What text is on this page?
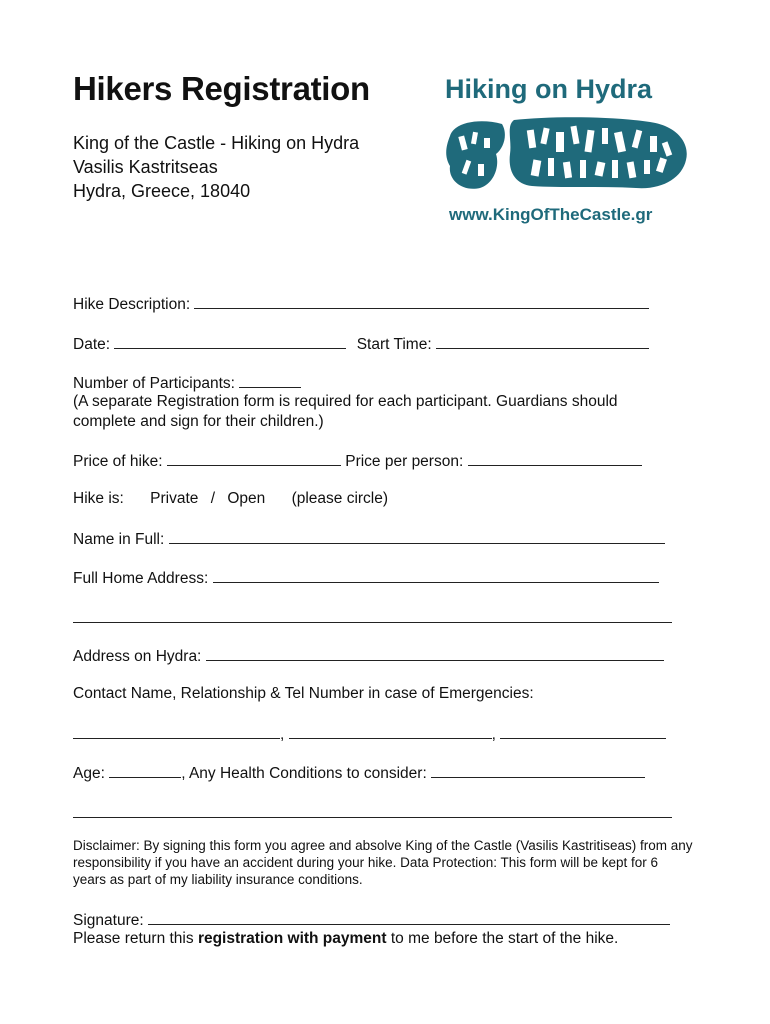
Hikers Registration
King of the Castle - Hiking on Hydra
Vasilis Kastritseas
Hydra, Greece, 18040
Hiking on Hydra
www.KingOfTheCastle.gr
Hike Description:
Date:	Start Time:
Number of Participants:
(A separate Registration form is required for each participant. Guardians should complete and sign for their children.)
Price of hike:	Price per person:
Hike is: Private / Open (please circle)
Name in Full:
Full Home Address:
Address on Hydra:
Contact Name, Relationship & Tel Number in case of Emergencies:
,	,
Age:	, Any Health Conditions to consider:
Disclaimer: By signing this form you agree and absolve King of the Castle (Vasilis Kastritiseas) from any responsibility if you have an accident during your hike. Data Protection: This form will be kept for 6 years as part of my liability insurance conditions.
Signature:
Please return this registration with payment to me before the start of the hike.
